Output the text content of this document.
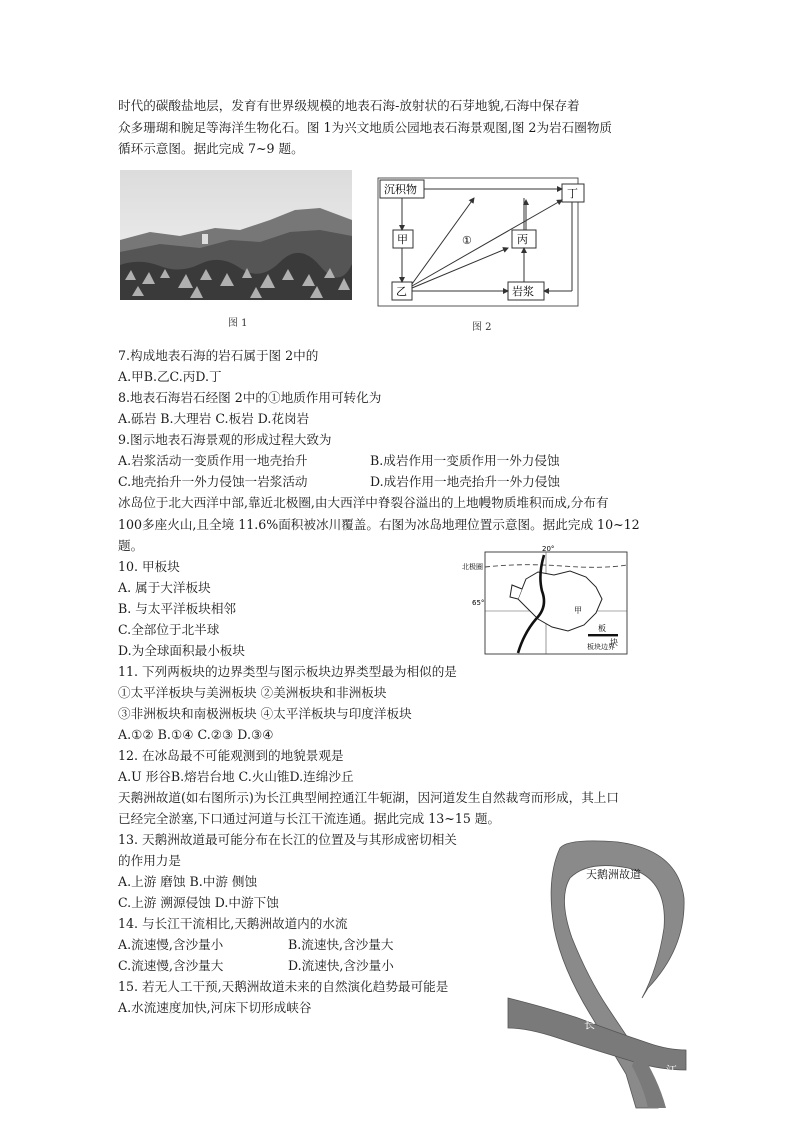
时代的碳酸盐地层，发育有世界级规模的地表石海-放射状的石芽地貌,石海中保存着
众多珊瑚和腕足等海洋生物化石。图 1为兴文地质公园地表石海景观图,图 2为岩石圈物质
循环示意图。据此完成 7~9 题。
图 1
沉积物
甲
乙
丙
丁
岩浆
①
图 2
7.构成地表石海的岩石属于图 2中的
A.甲B.乙C.丙D.丁
8.地表石海岩石经图 2中的①地质作用可转化为
A.砾岩 B.大理岩 C.板岩 D.花岗岩
9.图示地表石海景观的形成过程大致为
A.岩浆活动一变质作用一地壳抬升	B.成岩作用一变质作用一外力侵蚀
C.地壳抬升一外力侵蚀一岩浆活动	D.成岩作用一地壳抬升一外力侵蚀
冰岛位于北大西洋中部,靠近北极圈,由大西洋中脊裂谷溢出的上地幔物质堆积而成,分布有
100多座火山,且全境 11.6%面积被冰川覆盖。右图为冰岛地理位置示意图。据此完成 10~12
题。	20°
北极圈
65°
甲
板
块
板块边界
10. 甲板块
A. 属于大洋板块
B. 与太平洋板块相邻
C.全部位于北半球
D.为全球面积最小板块
11. 下列两板块的边界类型与图示板块边界类型最为相似的是
①太平洋板块与美洲板块 ②美洲板块和非洲板块
③非洲板块和南极洲板块 ④太平洋板块与印度洋板块
A.①② B.①④ C.②③ D.③④
12. 在冰岛最不可能观测到的地貌景观是
A.U 形谷B.熔岩台地 C.火山锥D.连绵沙丘
天鹅洲故道(如右图所示)为长江典型闸控通江牛轭湖，因河道发生自然裁弯而形成，其上口
已经完全淤塞,下口通过河道与长江干流连通。据此完成 13~15 题。
13. 天鹅洲故道最可能分布在长江的位置及与其形成密切相关
的作用力是
A.上游 磨蚀 B.中游 侧蚀
C.上游 溯源侵蚀 D.中游下蚀
14. 与长江干流相比,天鹅洲故道内的水流
A.流速慢,含沙量小	B.流速快,含沙量大
C.流速慢,含沙量大	D.流速快,含沙量小
15. 若无人工干预,天鹅洲故道未来的自然演化趋势最可能是
A.水流速度加快,河床下切形成峡谷
天鹅洲故道
长
江
